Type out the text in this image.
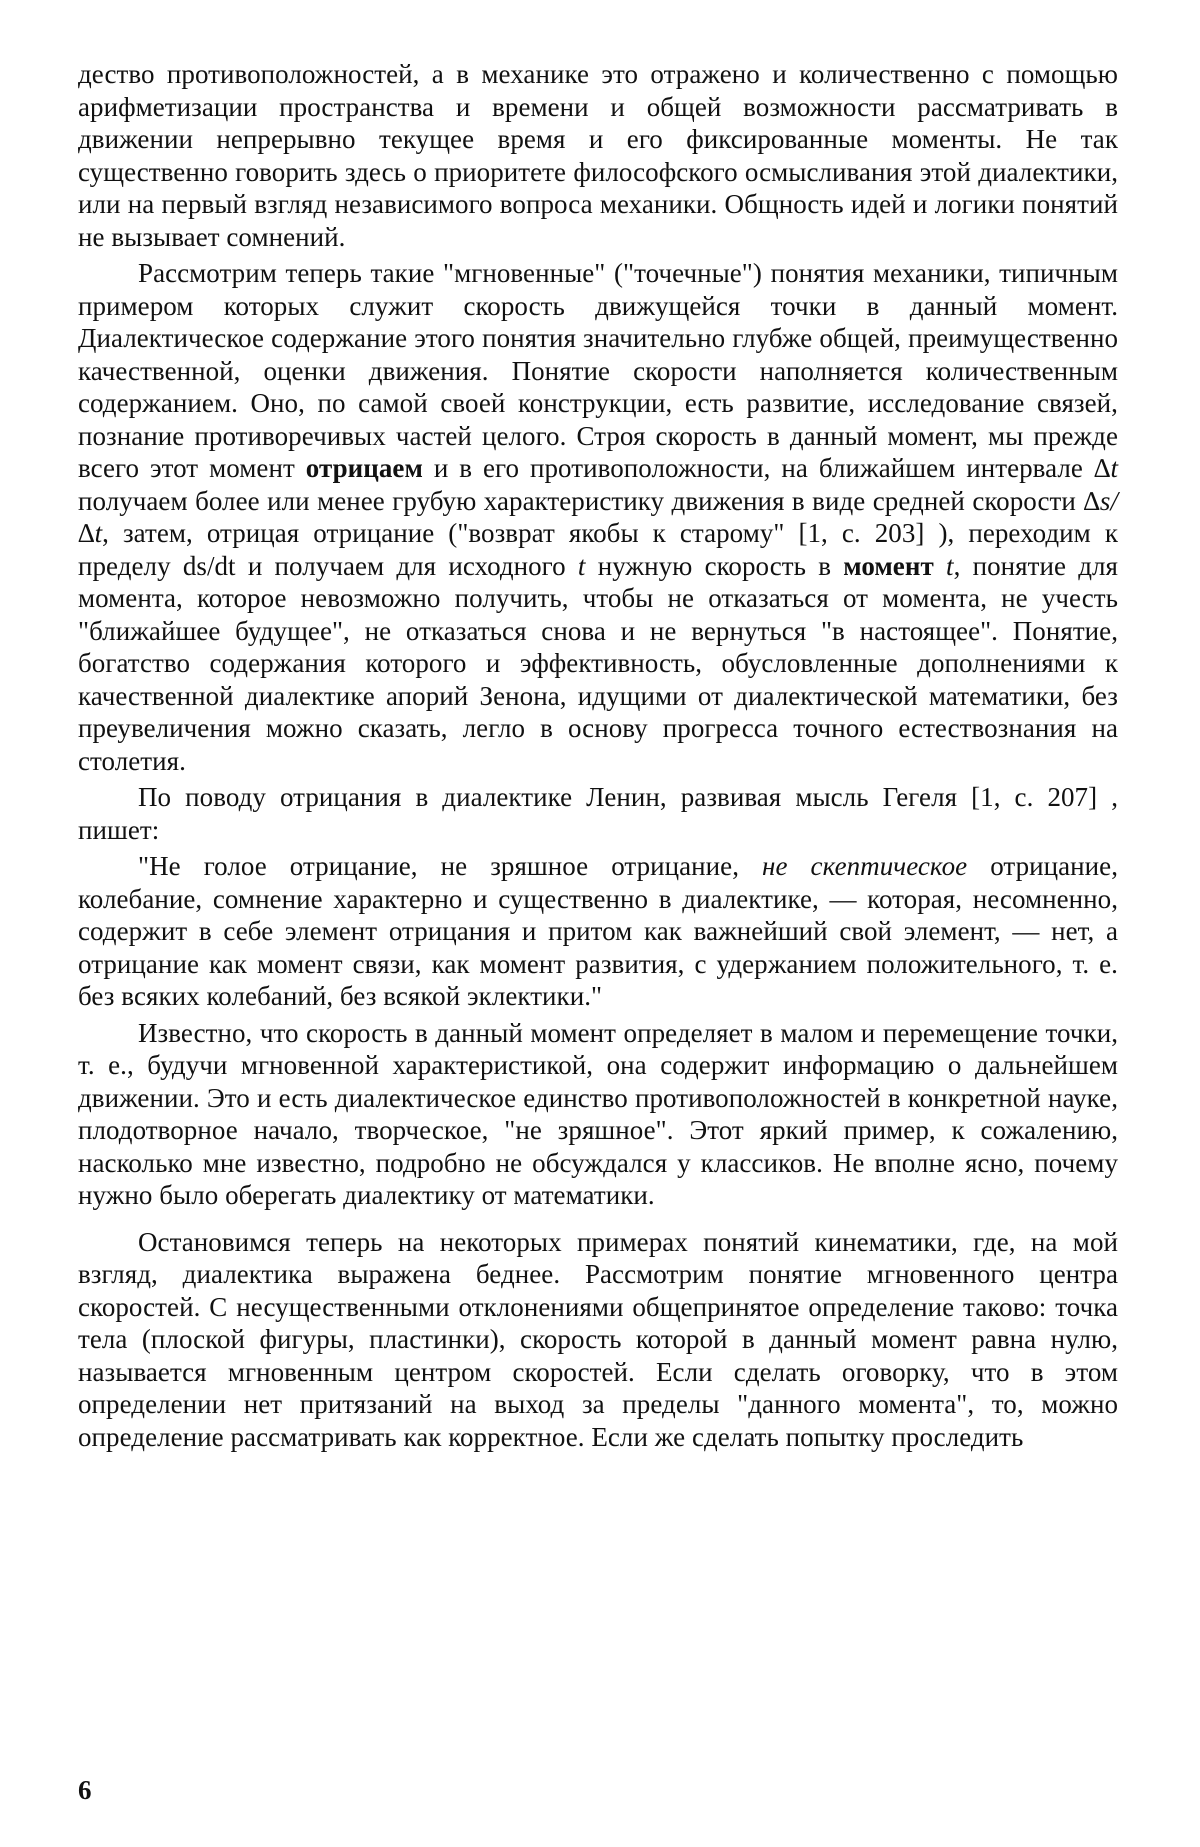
дество противоположностей, а в механике это отражено и количественно с помощью арифметизации пространства и времени и общей возможности рассматривать в движении непрерывно текущее время и его фиксированные моменты. Не так существенно говорить здесь о приоритете философского осмысливания этой диалектики, или на первый взгляд независимого вопроса механики. Общность идей и логики понятий не вызывает сомнений.

Рассмотрим теперь такие "мгновенные" ("точечные") понятия механики, типичным примером которых служит скорость движущейся точки в данный момент. Диалектическое содержание этого понятия значительно глубже общей, преимущественно качественной, оценки движения. Понятие скорости наполняется количественным содержанием. Оно, по самой своей конструкции, есть развитие, исследование связей, познание противоречивых частей целого. Строя скорость в данный момент, мы прежде всего этот момент отрицаем и в его противоположности, на ближайшем интервале ∆t получаем более или менее грубую характеристику движения в виде средней скорости ∆s/∆t, затем, отрицая отрицание ("возврат якобы к старому" [1, с. 203] ), переходим к пределу ds/dt и получаем для исходного t нужную скорость в момент t, понятие для момента, которое невозможно получить, чтобы не отказаться от момента, не учесть "ближайшее будущее", не отказаться снова и не вернуться "в настоящее". Понятие, богатство содержания которого и эффективность, обусловленные дополнениями к качественной диалектике апорий Зенона, идущими от диалектической математики, без преувеличения можно сказать, легло в основу прогресса точного естествознания на столетия.

По поводу отрицания в диалектике Ленин, развивая мысль Гегеля [1, с. 207] , пишет:

"Не голое отрицание, не зряшное отрицание, не скептическое отрицание, колебание, сомнение характерно и существенно в диалектике, — которая, несомненно, содержит в себе элемент отрицания и притом как важнейший свой элемент, — нет, а отрицание как момент связи, как момент развития, с удержанием положительного, т. е. без всяких колебаний, без всякой эклектики."

Известно, что скорость в данный момент определяет в малом и перемещение точки, т. е., будучи мгновенной характеристикой, она содержит информацию о дальнейшем движении. Это и есть диалектическое единство противоположностей в конкретной науке, плодотворное начало, творческое, "не зряшное". Этот яркий пример, к сожалению, насколько мне известно, подробно не обсуждался у классиков. Не вполне ясно, почему нужно было оберегать диалектику от математики.

Остановимся теперь на некоторых примерах понятий кинематики, где, на мой взгляд, диалектика выражена беднее. Рассмотрим понятие мгновенного центра скоростей. С несущественными отклонениями общепринятое определение таково: точка тела (плоской фигуры, пластинки), скорость которой в данный момент равна нулю, называется мгновенным центром скоростей. Если сделать оговорку, что в этом определении нет притязаний на выход за пределы "данного момента", то, можно определение рассматривать как корректное. Если же сделать попытку проследить

6
